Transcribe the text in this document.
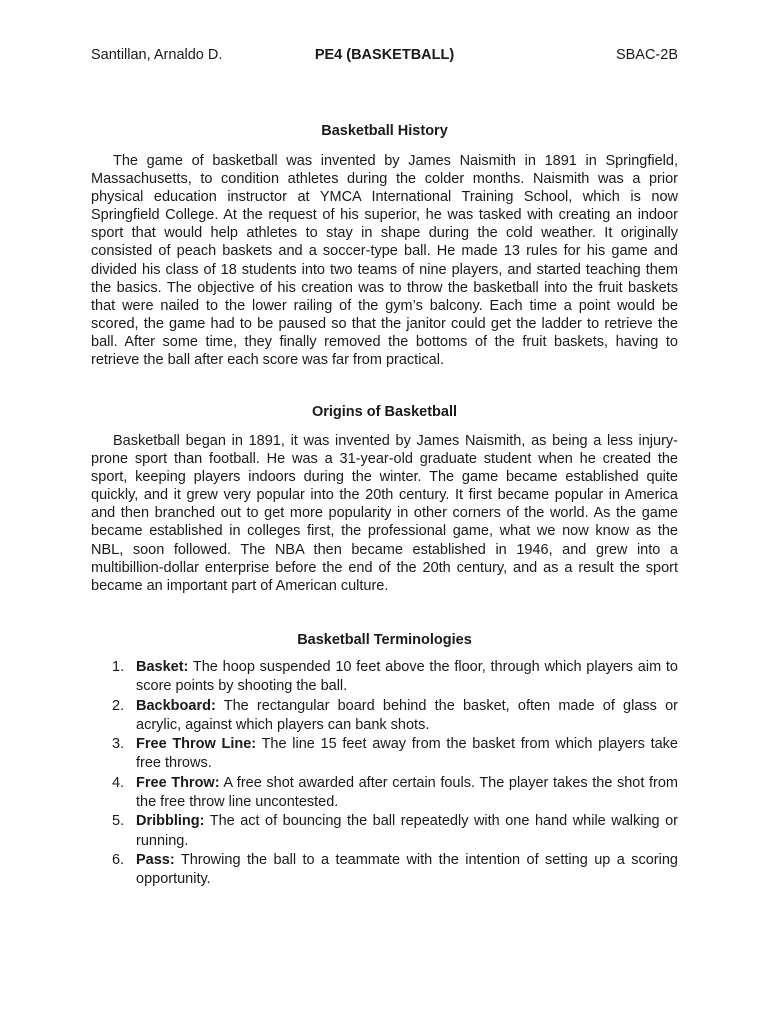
Santillan, Arnaldo D.	PE4 (BASKETBALL)	SBAC-2B
Basketball History

The game of basketball was invented by James Naismith in 1891 in Springfield, Massachusetts, to condition athletes during the colder months. Naismith was a prior physical education instructor at YMCA International Training School, which is now Springfield College. At the request of his superior, he was tasked with creating an indoor sport that would help athletes to stay in shape during the cold weather. It originally consisted of peach baskets and a soccer-type ball. He made 13 rules for his game and divided his class of 18 students into two teams of nine players, and started teaching them the basics. The objective of his creation was to throw the basketball into the fruit baskets that were nailed to the lower railing of the gym’s balcony. Each time a point would be scored, the game had to be paused so that the janitor could get the ladder to retrieve the ball. After some time, they finally removed the bottoms of the fruit baskets, having to retrieve the ball after each score was far from practical.

Origins of Basketball

Basketball began in 1891, it was invented by James Naismith, as being a less injury-prone sport than football. He was a 31-year-old graduate student when he created the sport, keeping players indoors during the winter. The game became established quite quickly, and it grew very popular into the 20th century. It first became popular in America and then branched out to get more popularity in other corners of the world. As the game became established in colleges first, the professional game, what we now know as the NBL, soon followed. The NBA then became established in 1946, and grew into a multibillion-dollar enterprise before the end of the 20th century, and as a result the sport became an important part of American culture.

Basketball Terminologies
1. Basket: The hoop suspended 10 feet above the floor, through which players aim to score points by shooting the ball.
2. Backboard: The rectangular board behind the basket, often made of glass or acrylic, against which players can bank shots.
3. Free Throw Line: The line 15 feet away from the basket from which players take free throws.
4. Free Throw: A free shot awarded after certain fouls. The player takes the shot from the free throw line uncontested.
5. Dribbling: The act of bouncing the ball repeatedly with one hand while walking or running.
6. Pass: Throwing the ball to a teammate with the intention of setting up a scoring opportunity.
